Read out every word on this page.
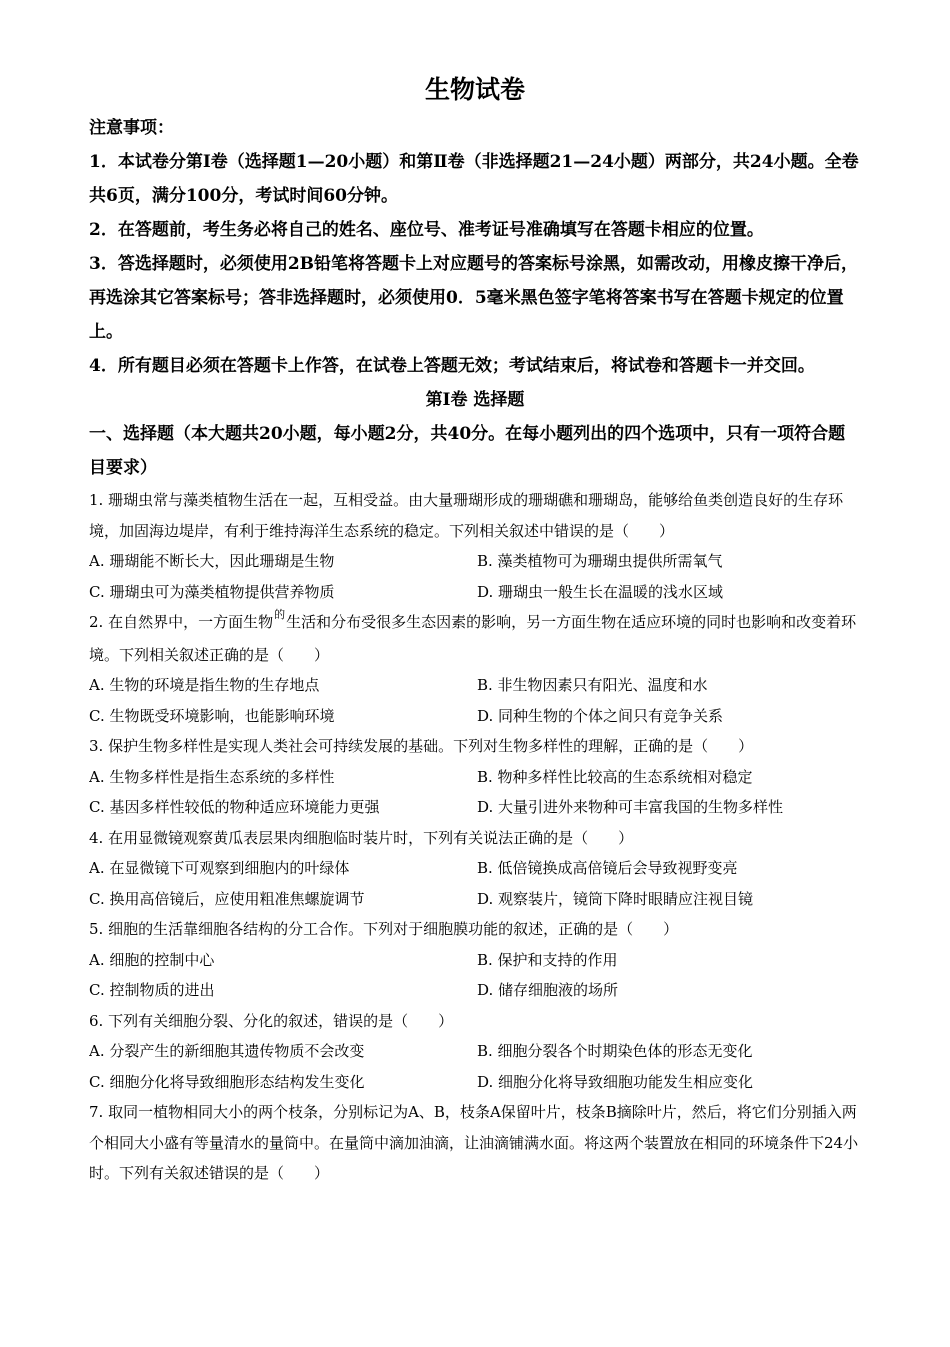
生物试卷

注意事项：

1．本试卷分第Ⅰ卷（选择题1—20小题）和第Ⅱ卷（非选择题21—24小题）两部分，共24小题。全卷共6页，满分100分，考试时间60分钟。

2．在答题前，考生务必将自己的姓名、座位号、准考证号准确填写在答题卡相应的位置。

3．答选择题时，必须使用2B铅笔将答题卡上对应题号的答案标号涂黑，如需改动，用橡皮擦干净后，再选涂其它答案标号；答非选择题时，必须使用0．5毫米黑色签字笔将答案书写在答题卡规定的位置上。

4．所有题目必须在答题卡上作答，在试卷上答题无效；考试结束后，将试卷和答题卡一并交回。

第Ⅰ卷 选择题

一、选择题（本大题共20小题，每小题2分，共40分。在每小题列出的四个选项中，只有一项符合题目要求）

1. 珊瑚虫常与藻类植物生活在一起，互相受益。由大量珊瑚形成的珊瑚礁和珊瑚岛，能够给鱼类创造良好的生存环境，加固海边堤岸，有利于维持海洋生态系统的稳定。下列相关叙述中错误的是（　　）

A. 珊瑚能不断长大，因此珊瑚是生物	B. 藻类植物可为珊瑚虫提供所需氧气
C. 珊瑚虫可为藻类植物提供营养物质	D. 珊瑚虫一般生长在温暖的浅水区域

2. 在自然界中，一方面生物$^的$生活和分布受很多生态因素的影响，另一方面生物在适应环境的同时也影响和改变着环境。下列相关叙述正确的是（　　）

A. 生物的环境是指生物的生存地点	B. 非生物因素只有阳光、温度和水
C. 生物既受环境影响，也能影响环境	D. 同种生物的个体之间只有竞争关系

3. 保护生物多样性是实现人类社会可持续发展的基础。下列对生物多样性的理解，正确的是（　　）

A. 生物多样性是指生态系统的多样性	B. 物种多样性比较高的生态系统相对稳定
C. 基因多样性较低的物种适应环境能力更强	D. 大量引进外来物种可丰富我国的生物多样性

4. 在用显微镜观察黄瓜表层果肉细胞临时装片时，下列有关说法正确的是（　　）

A. 在显微镜下可观察到细胞内的叶绿体	B. 低倍镜换成高倍镜后会导致视野变亮
C. 换用高倍镜后，应使用粗准焦螺旋调节	D. 观察装片，镜筒下降时眼睛应注视目镜

5. 细胞的生活靠细胞各结构的分工合作。下列对于细胞膜功能的叙述，正确的是（　　）

A. 细胞的控制中心	B. 保护和支持的作用
C. 控制物质的进出	D. 储存细胞液的场所

6. 下列有关细胞分裂、分化的叙述，错误的是（　　）

A. 分裂产生的新细胞其遗传物质不会改变	B. 细胞分裂各个时期染色体的形态无变化
C. 细胞分化将导致细胞形态结构发生变化	D. 细胞分化将导致细胞功能发生相应变化

7. 取同一植物相同大小的两个枝条，分别标记为A、B，枝条A保留叶片，枝条B摘除叶片，然后，将它们分别插入两个相同大小盛有等量清水的量筒中。在量筒中滴加油滴，让油滴铺满水面。将这两个装置放在相同的环境条件下24小时。下列有关叙述错误的是（　　）
